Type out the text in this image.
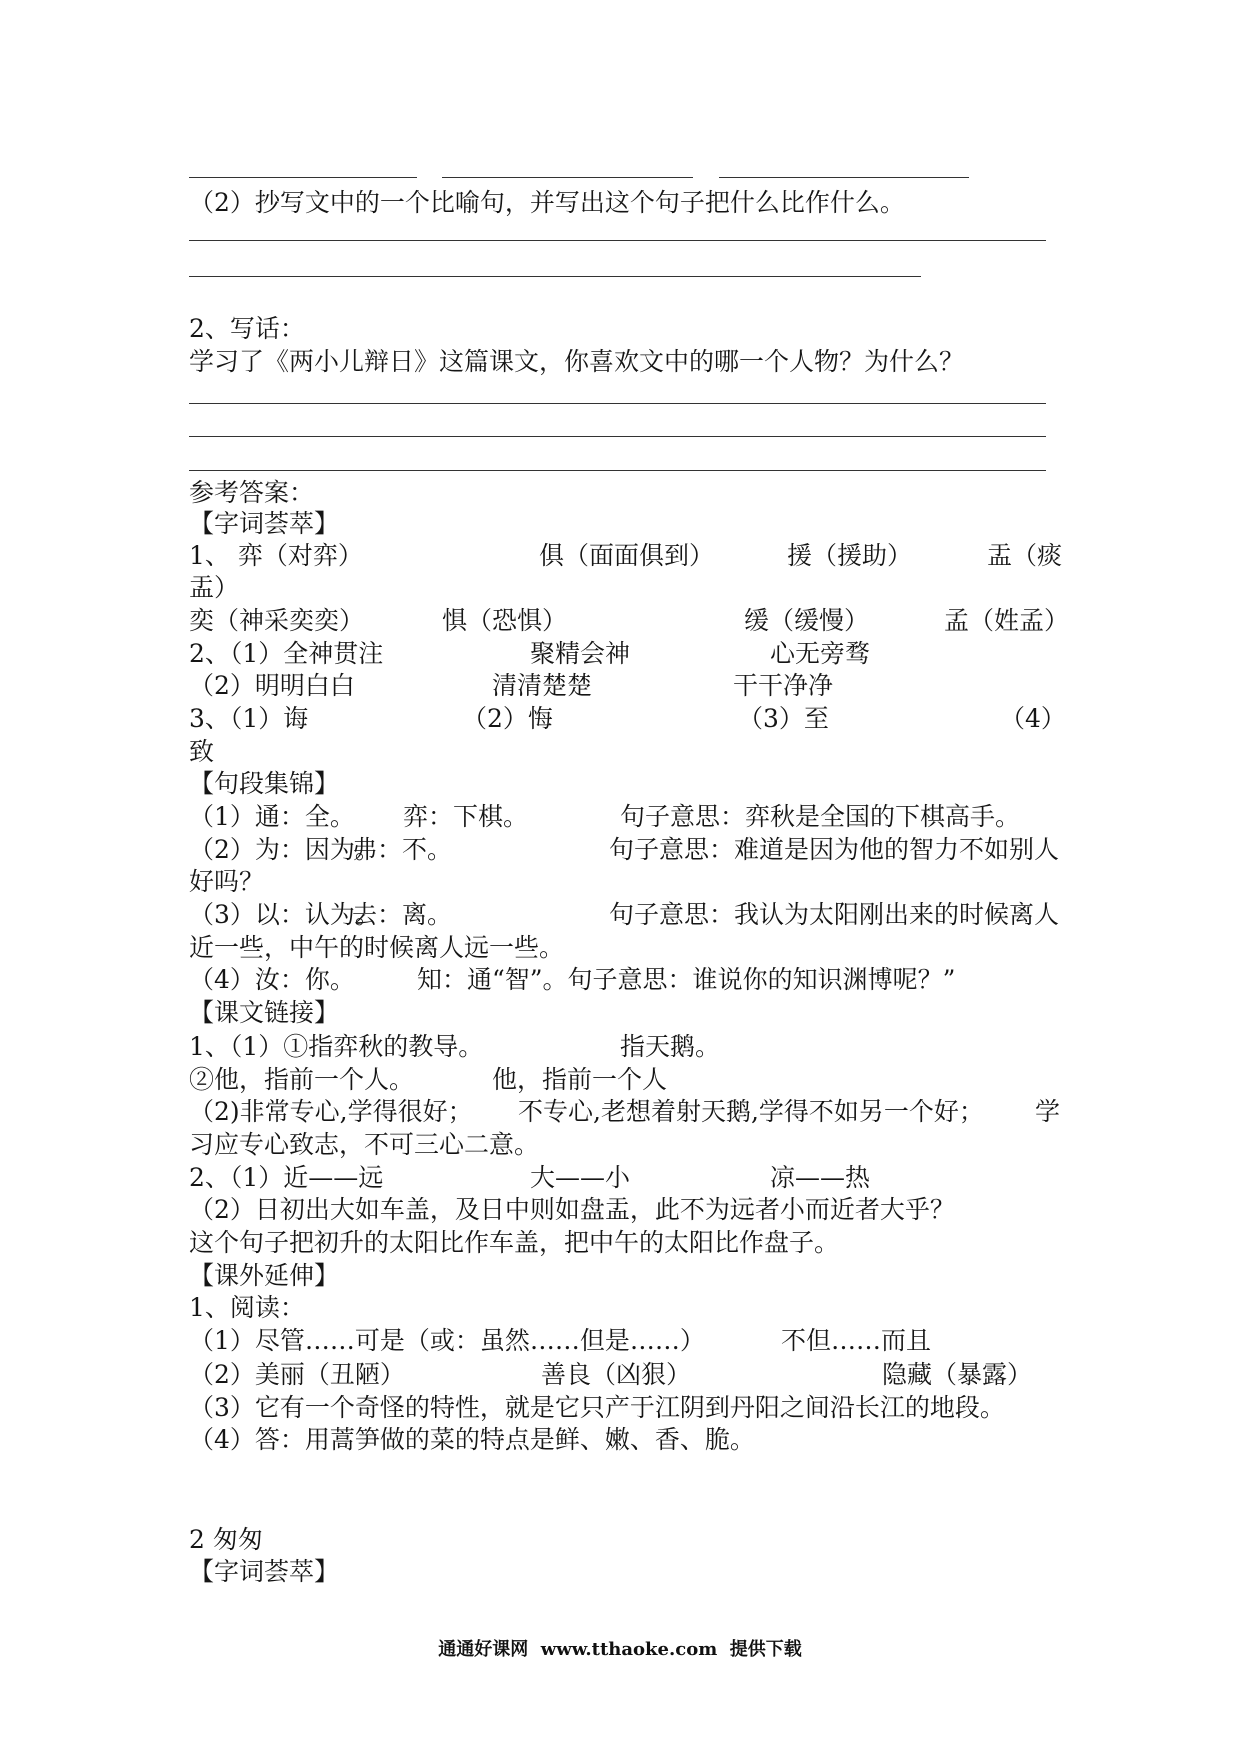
（2）抄写文中的一个比喻句，并写出这个句子把什么比作什么。
2、写话：
学习了《两小儿辩日》这篇课文，你喜欢文中的哪一个人物？为什么？
参考答案：
【字词荟萃】
1、 弈（对弈）	俱（面面俱到）	援（援助）	盂（痰
盂）
奕（神采奕奕）	惧（恐惧）	缓（缓慢）	孟（姓孟）
2、（1）全神贯注	聚精会神	心无旁骛
（2）明明白白	清清楚楚	干干净净
3、（1）诲	（2）悔	（3）至	（4）
致
【句段集锦】
（1）通：全。 弈：下棋。	句子意思：弈秋是全国的下棋高手。
（2）为：因为。
弗：不。	句子意思：难道是因为他的智力不如别人
好吗？
（3）以：认为。
去：离。	句子意思：我认为太阳刚出来的时候离人
近一些，中午的时候离人远一些。
（4）汝：你。 知：通“智”。句子意思：谁说你的知识渊博呢？”
【课文链接】
1、（1）①指弈秋的教导。	指天鹅。
②他，指前一个人。	他，指前一个人
（2)非常专心,学得很好； 不专心,老想着射天鹅,学得不如另一个好； 学
习应专心致志，不可三心二意。
2、（1）近——远	大——小	凉——热
（2）日初出大如车盖，及日中则如盘盂，此不为远者小而近者大乎？
这个句子把初升的太阳比作车盖，把中午的太阳比作盘子。
【课外延伸】
1、阅读：
（1）尽管……可是（或：虽然……但是……）	不但……而且
（2）美丽（丑陋）	善良（凶狠）	隐藏（暴露）
（3）它有一个奇怪的特性，就是它只产于江阴到丹阳之间沿长江的地段。
（4）答：用蒿笋做的菜的特点是鲜、嫩、香、脆。
2 匆匆
【字词荟萃】
通通好课网  www.tthaoke.com  提供下载
